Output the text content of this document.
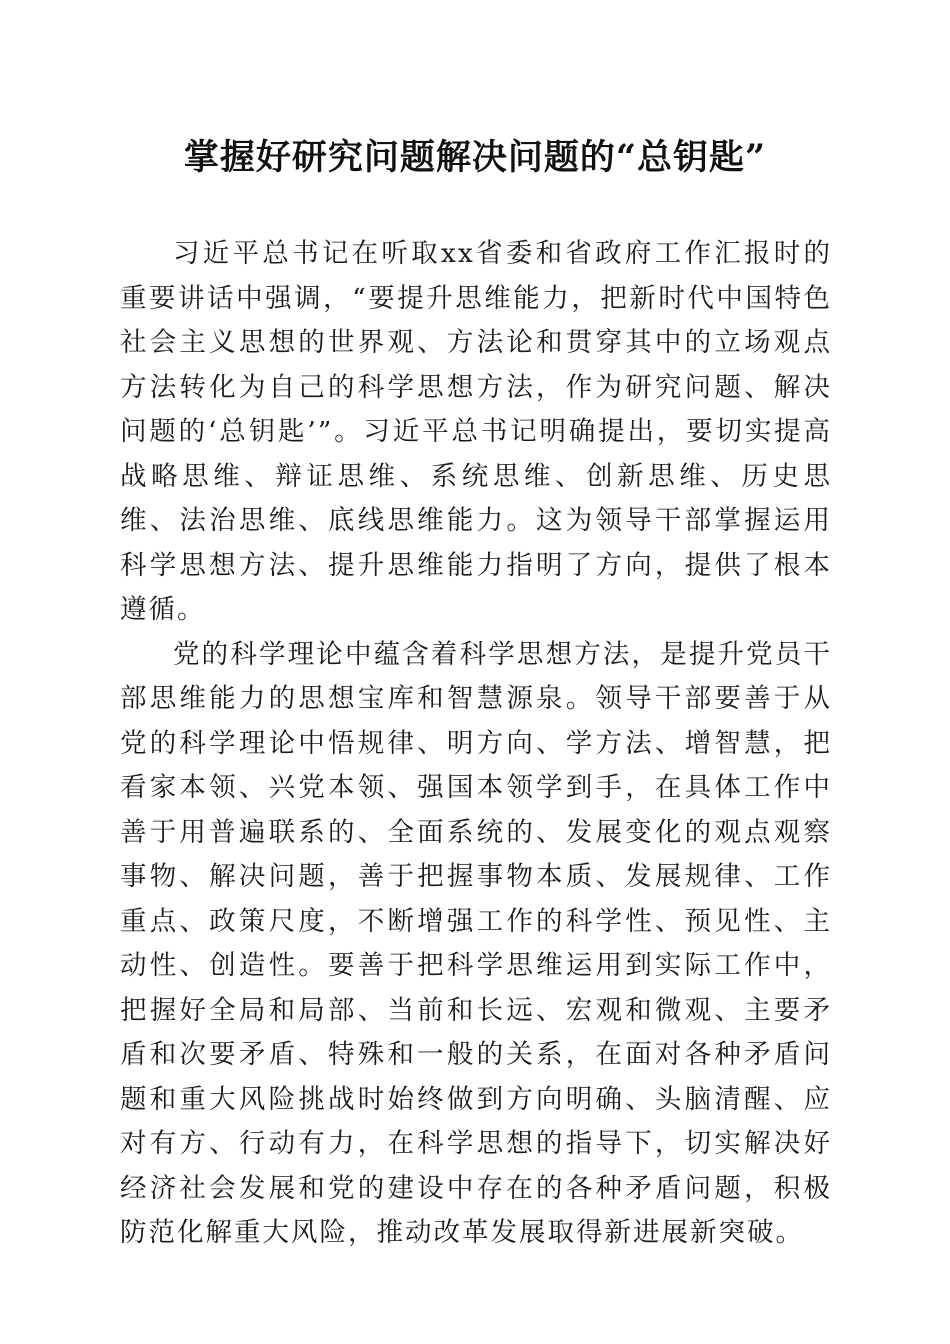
掌握好研究问题解决问题的“总钥匙”

习近平总书记在听取xx省委和省政府工作汇报时的重要讲话中强调，“要提升思维能力，把新时代中国特色社会主义思想的世界观、方法论和贯穿其中的立场观点方法转化为自己的科学思想方法，作为研究问题、解决问题的‘总钥匙’”。习近平总书记明确提出，要切实提高战略思维、辩证思维、系统思维、创新思维、历史思维、法治思维、底线思维能力。这为领导干部掌握运用科学思想方法、提升思维能力指明了方向，提供了根本遵循。

党的科学理论中蕴含着科学思想方法，是提升党员干部思维能力的思想宝库和智慧源泉。领导干部要善于从党的科学理论中悟规律、明方向、学方法、增智慧，把看家本领、兴党本领、强国本领学到手，在具体工作中善于用普遍联系的、全面系统的、发展变化的观点观察事物、解决问题，善于把握事物本质、发展规律、工作重点、政策尺度，不断增强工作的科学性、预见性、主动性、创造性。要善于把科学思维运用到实际工作中，把握好全局和局部、当前和长远、宏观和微观、主要矛盾和次要矛盾、特殊和一般的关系，在面对各种矛盾问题和重大风险挑战时始终做到方向明确、头脑清醒、应对有方、行动有力，在科学思想的指导下，切实解决好经济社会发展和党的建设中存在的各种矛盾问题，积极防范化解重大风险，推动改革发展取得新进展新突破。
